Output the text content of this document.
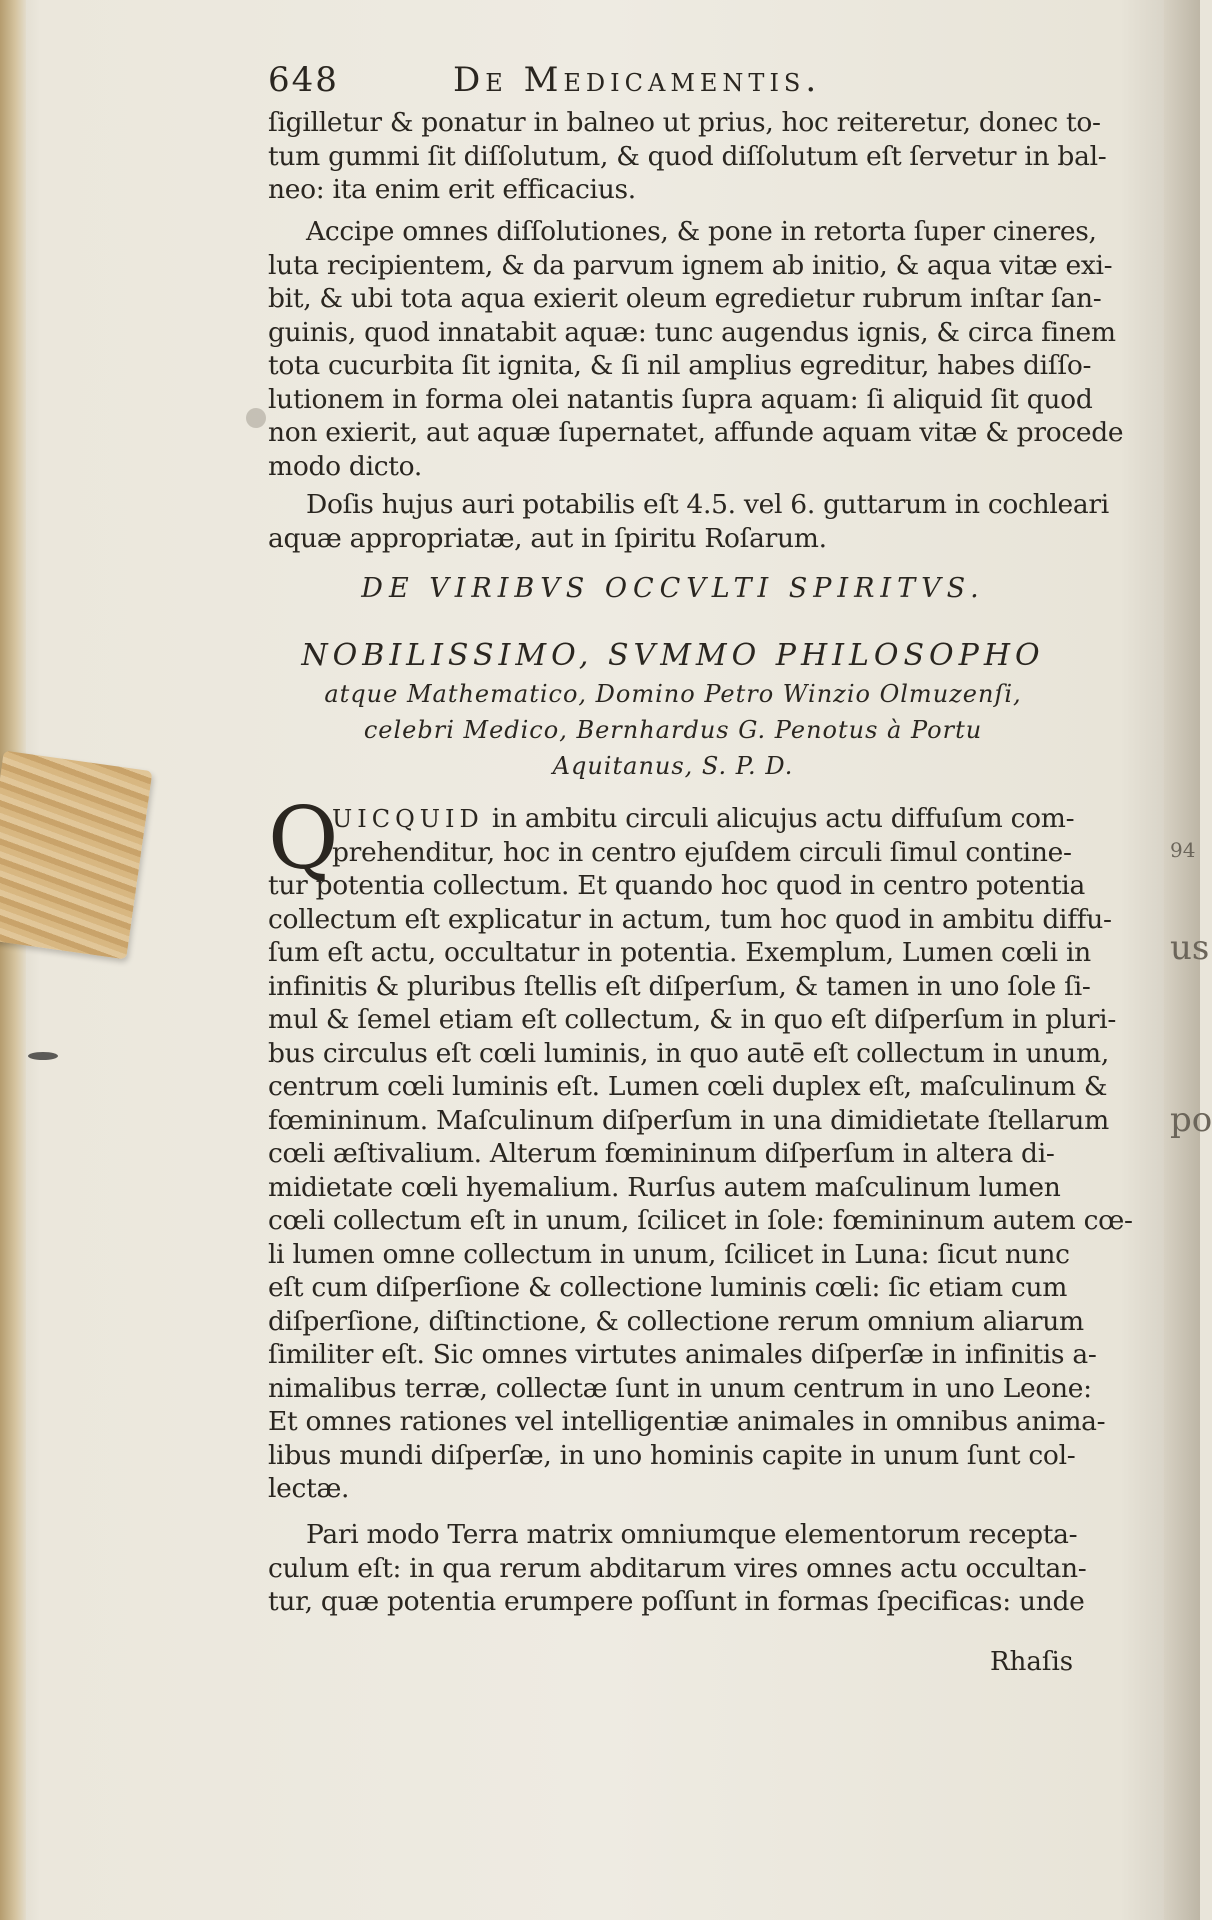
94
us
po
648	De Medicamentis.
ſigilletur & ponatur in balneo ut prius, hoc reiteretur, donec to-
tum gummi ſit diſſolutum, & quod diſſolutum eſt ſervetur in bal-
neo: ita enim erit efficacius.
Accipe omnes diſſolutiones, & pone in retorta ſuper cineres,
luta recipientem, & da parvum ignem ab initio, & aqua vitæ exi-
bit, & ubi tota aqua exierit oleum egredietur rubrum inſtar ſan-
guinis, quod innatabit aquæ: tunc augendus ignis, & circa finem
tota cucurbita ſit ignita, & ſi nil amplius egreditur, habes diſſo-
lutionem in forma olei natantis ſupra aquam: ſi aliquid ſit quod
non exierit, aut aquæ ſupernatet, affunde aquam vitæ & procede
modo dicto.
Doſis hujus auri potabilis eſt 4.5. vel 6. guttarum in cochleari
aquæ appropriatæ, aut in ſpiritu Roſarum.
DE VIRIBVS OCCVLTI SPIRITVS.
NOBILISSIMO, SVMMO PHILOSOPHO
atque Mathematico, Domino Petro Winzio Olmuzenſi,
celebri Medico, Bernhardus G. Penotus à Portu
Aquitanus, S. P. D.
Q
UICQUID in ambitu circuli alicujus actu diffuſum com-
prehenditur, hoc in centro ejuſdem circuli ſimul contine-
tur potentia collectum. Et quando hoc quod in centro potentia
collectum eſt explicatur in actum, tum hoc quod in ambitu diffu-
ſum eſt actu, occultatur in potentia. Exemplum, Lumen cœli in
infinitis & pluribus ſtellis eſt diſperſum, & tamen in uno ſole ſi-
mul & ſemel etiam eſt collectum, & in quo eſt diſperſum in pluri-
bus circulus eſt cœli luminis, in quo autē eſt collectum in unum,
centrum cœli luminis eſt. Lumen cœli duplex eſt, maſculinum &
fœmininum. Maſculinum diſperſum in una dimidietate ſtellarum
cœli æſtivalium. Alterum fœmininum diſperſum in altera di-
midietate cœli hyemalium. Rurſus autem maſculinum lumen
cœli collectum eſt in unum, ſcilicet in ſole: fœmininum autem cœ-
li lumen omne collectum in unum, ſcilicet in Luna: ſicut nunc
eſt cum diſperſione & collectione luminis cœli: ſic etiam cum
diſperſione, diſtinctione, & collectione rerum omnium aliarum
ſimiliter eſt. Sic omnes virtutes animales diſperſæ in infinitis a-
nimalibus terræ, collectæ ſunt in unum centrum in uno Leone:
Et omnes rationes vel intelligentiæ animales in omnibus anima-
libus mundi diſperſæ, in uno hominis capite in unum ſunt col-
lectæ.
Pari modo Terra matrix omniumque elementorum recepta-
culum eſt: in qua rerum abditarum vires omnes actu occultan-
tur, quæ potentia erumpere poſſunt in formas ſpecificas: unde
Rhaſis
